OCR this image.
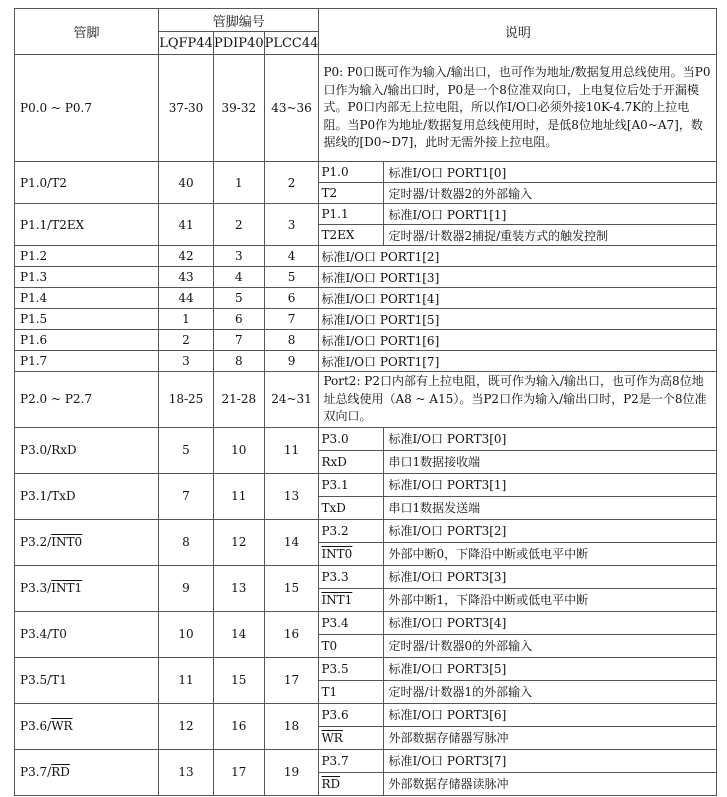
管脚	管脚编号			说明	
	LQFP44	PDIP40	PLCC44		
P0.0 ~ P0.7	37-30	39-32	43~36	P0: P0口既可作为输入/输出口，也可作为地址/数据复用总线使用。当P0口作为输入/输出口时，P0是一个8位准双向口，上电复位后处于开漏模式。P0口内部无上拉电阻，所以作I/O口必须外接10K-4.7K的上拉电阻。当P0作为地址/数据复用总线使用时，是低8位地址线[A0~A7]，数据线的[D0~D7]，此时无需外接上拉电阻。	
P1.0/T2	40	1	2	P1.0	标准I/O口 PORT1[0]
				T2	定时器/计数器2的外部输入
P1.1/T2EX	41	2	3	P1.1	标准I/O口 PORT1[1]
				T2EX	定时器/计数器2捕捉/重装方式的触发控制
P1.2	42	3	4	标准I/O口 PORT1[2]	
P1.3	43	4	5	标准I/O口 PORT1[3]	
P1.4	44	5	6	标准I/O口 PORT1[4]	
P1.5	1	6	7	标准I/O口 PORT1[5]	
P1.6	2	7	8	标准I/O口 PORT1[6]	
P1.7	3	8	9	标准I/O口 PORT1[7]	
P2.0 ~ P2.7	18-25	21-28	24~31	Port2: P2口内部有上拉电阻，既可作为输入/输出口，也可作为高8位地址总线使用（A8 ~ A15）。当P2口作为输入/输出口时，P2是一个8位准双向口。	
P3.0/RxD	5	10	11	P3.0	标准I/O口 PORT3[0]
				RxD	串口1数据接收端
P3.1/TxD	7	11	13	P3.1	标准I/O口 PORT3[1]
				TxD	串口1数据发送端
P3.2/INT0	8	12	14	P3.2	标准I/O口 PORT3[2]
				INT0	外部中断0，下降沿中断或低电平中断
P3.3/INT1	9	13	15	P3.3	标准I/O口 PORT3[3]
				INT1	外部中断1，下降沿中断或低电平中断
P3.4/T0	10	14	16	P3.4	标准I/O口 PORT3[4]
				T0	定时器/计数器0的外部输入
P3.5/T1	11	15	17	P3.5	标准I/O口 PORT3[5]
				T1	定时器/计数器1的外部输入
$P3.6/\overline{WR}$	12	16	18	P3.6	标准I/O口 PORT3[6]
				$\overline{WR}$	外部数据存储器写脉冲
$P3.7/\overline{RD}$	13	17	19	P3.7	标准I/O口 PORT3[7]
				$\overline{RD}$	外部数据存储器读脉冲
